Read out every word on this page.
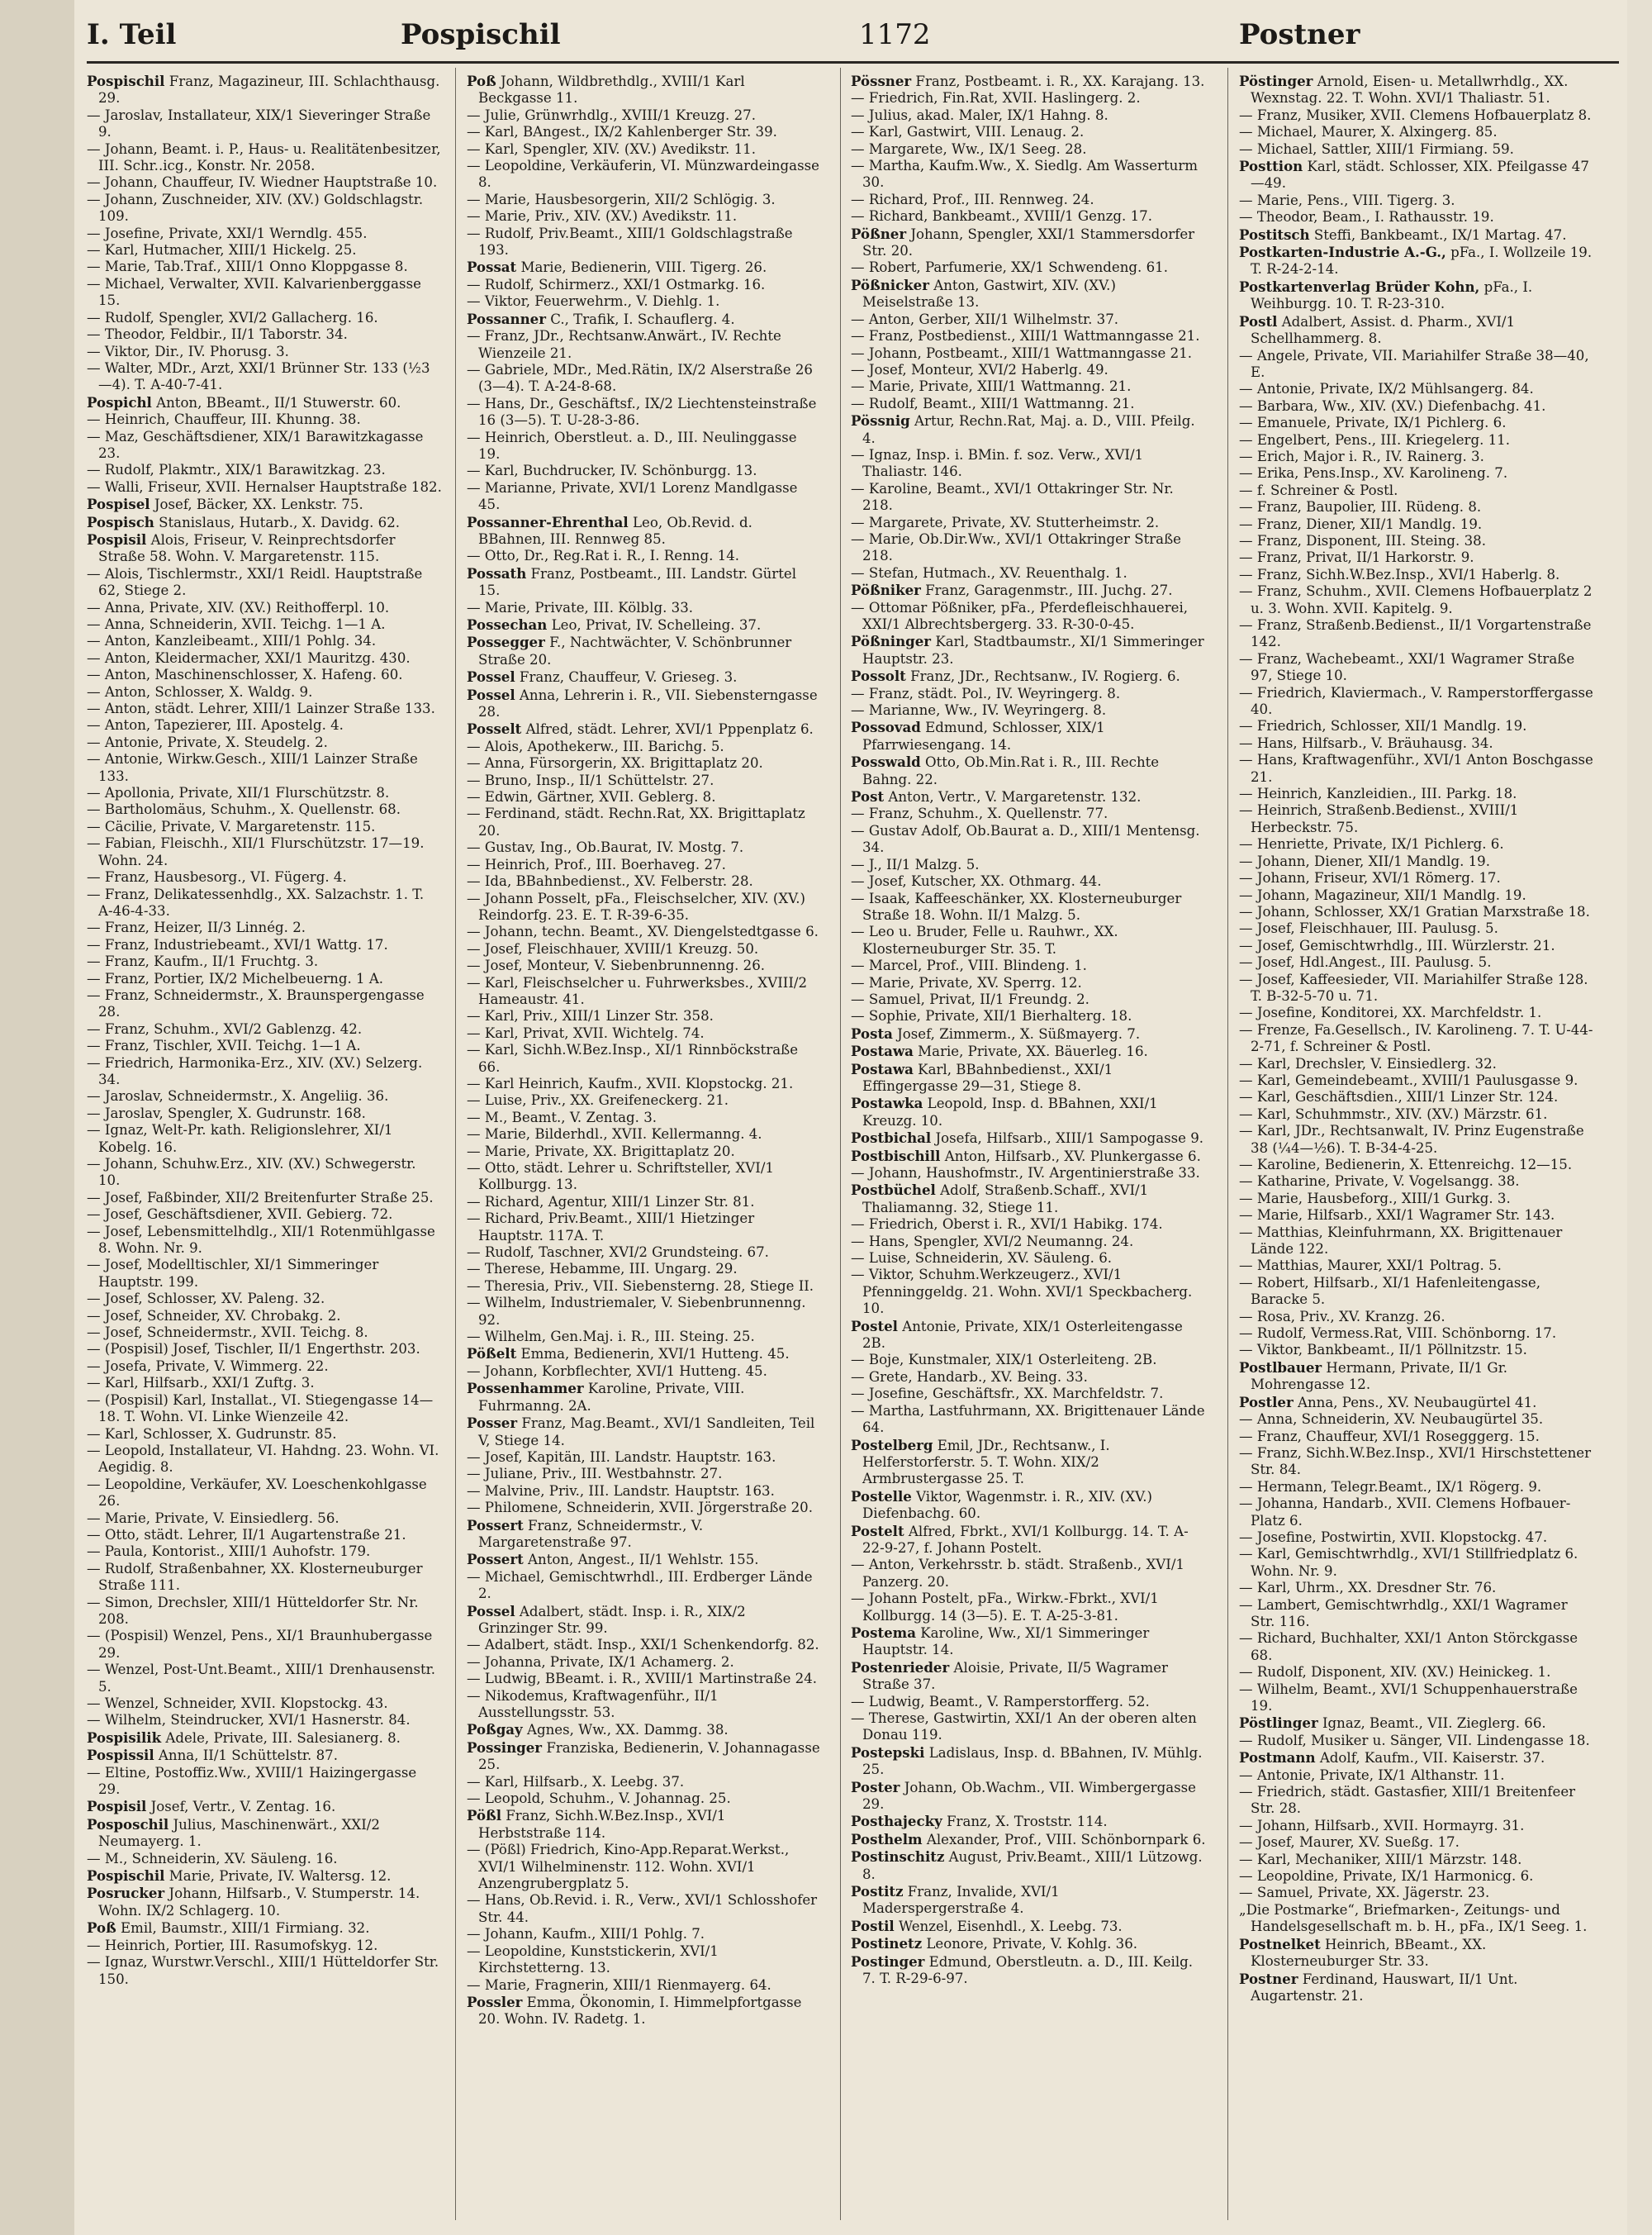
I. Teil	Pospischil	1172	Postner

Pospischil Franz, Magazineur, III. Schlachthausg. 29.

— Jaroslav, Installateur, XIX/1 Sieveringer Straße 9.

— Johann, Beamt. i. P., Haus- u. Realitätenbesitzer, III. Schr..icg., Konstr. Nr. 2058.

— Johann, Chauffeur, IV. Wiedner Hauptstraße 10.

— Johann, Zuschneider, XIV. (XV.) Goldschlagstr. 109.

— Josefine, Private, XXI/1 Werndlg. 455.

— Karl, Hutmacher, XIII/1 Hickelg. 25.

— Marie, Tab.Traf., XIII/1 Onno Kloppgasse 8.

— Michael, Verwalter, XVII. Kalvarienberggasse 15.

— Rudolf, Spengler, XVI/2 Gallacherg. 16.

— Theodor, Feldbir., II/1 Taborstr. 34.

— Viktor, Dir., IV. Phorusg. 3.

— Walter, MDr., Arzt, XXI/1 Brünner Str. 133 (½3—4). T. A-40-7-41.

Pospichl Anton, BBeamt., II/1 Stuwerstr. 60.

— Heinrich, Chauffeur, III. Khunng. 38.

— Maz, Geschäftsdiener, XIX/1 Barawitzkagasse 23.

— Rudolf, Plakmtr., XIX/1 Barawitzkag. 23.

— Walli, Friseur, XVII. Hernalser Hauptstraße 182.

Pospisel Josef, Bäcker, XX. Lenkstr. 75.

Pospisch Stanislaus, Hutarb., X. Davidg. 62.

Pospisil Alois, Friseur, V. Reinprechtsdorfer Straße 58. Wohn. V. Margaretenstr. 115.

— Alois, Tischlermstr., XXI/1 Reidl. Hauptstraße 62, Stiege 2.

— Anna, Private, XIV. (XV.) Reithofferpl. 10.

— Anna, Schneiderin, XVII. Teichg. 1—1 A.

— Anton, Kanzleibeamt., XIII/1 Pohlg. 34.

— Anton, Kleidermacher, XXI/1 Mauritzg. 430.

— Anton, Maschinenschlosser, X. Hafeng. 60.

— Anton, Schlosser, X. Waldg. 9.

— Anton, städt. Lehrer, XIII/1 Lainzer Straße 133.

— Anton, Tapezierer, III. Apostelg. 4.

— Antonie, Private, X. Steudelg. 2.

— Antonie, Wirkw.Gesch., XIII/1 Lainzer Straße 133.

— Apollonia, Private, XII/1 Flurschützstr. 8.

— Bartholomäus, Schuhm., X. Quellenstr. 68.

— Cäcilie, Private, V. Margaretenstr. 115.

— Fabian, Fleischh., XII/1 Flurschützstr. 17—19. Wohn. 24.

— Franz, Hausbesorg., VI. Fügerg. 4.

— Franz, Delikatessenhdlg., XX. Salzachstr. 1. T. A-46-4-33.

— Franz, Heizer, II/3 Linnég. 2.

— Franz, Industriebeamt., XVI/1 Wattg. 17.

— Franz, Kaufm., II/1 Fruchtg. 3.

— Franz, Portier, IX/2 Michelbeuerng. 1 A.

— Franz, Schneidermstr., X. Braunspergengasse 28.

— Franz, Schuhm., XVI/2 Gablenzg. 42.

— Franz, Tischler, XVII. Teichg. 1—1 A.

— Friedrich, Harmonika-Erz., XIV. (XV.) Selzerg. 34.

— Jaroslav, Schneidermstr., X. Angeliig. 36.

— Jaroslav, Spengler, X. Gudrunstr. 168.

— Ignaz, Welt-Pr. kath. Religionslehrer, XI/1 Kobelg. 16.

— Johann, Schuhw.Erz., XIV. (XV.) Schwegerstr. 10.

— Josef, Faßbinder, XII/2 Breitenfurter Straße 25.

— Josef, Geschäftsdiener, XVII. Gebierg. 72.

— Josef, Lebensmittelhdlg., XII/1 Rotenmühlgasse 8. Wohn. Nr. 9.

— Josef, Modelltischler, XI/1 Simmeringer Hauptstr. 199.

— Josef, Schlosser, XV. Paleng. 32.

— Josef, Schneider, XV. Chrobakg. 2.

— Josef, Schneidermstr., XVII. Teichg. 8.

— (Pospisil) Josef, Tischler, II/1 Engerthstr. 203.

— Josefa, Private, V. Wimmerg. 22.

— Karl, Hilfsarb., XXI/1 Zuftg. 3.

— (Pospisil) Karl, Installat., VI. Stiegengasse 14—18. T. Wohn. VI. Linke Wienzeile 42.

— Karl, Schlosser, X. Gudrunstr. 85.

— Leopold, Installateur, VI. Hahdng. 23. Wohn. VI. Aegidig. 8.

— Leopoldine, Verkäufer, XV. Loeschenkohlgasse 26.

— Marie, Private, V. Einsiedlerg. 56.

— Otto, städt. Lehrer, II/1 Augartenstraße 21.

— Paula, Kontorist., XIII/1 Auhofstr. 179.

— Rudolf, Straßenbahner, XX. Klosterneuburger Straße 111.

— Simon, Drechsler, XIII/1 Hütteldorfer Str. Nr. 208.

— (Pospisil) Wenzel, Pens., XI/1 Braunhubergasse 29.

— Wenzel, Post-Unt.Beamt., XIII/1 Drenhausenstr. 5.

— Wenzel, Schneider, XVII. Klopstockg. 43.

— Wilhelm, Steindrucker, XVI/1 Hasnerstr. 84.

Pospisilik Adele, Private, III. Salesianerg. 8.

Pospissil Anna, II/1 Schüttelstr. 87.

— Eltine, Postoffiz.Ww., XVIII/1 Haizingergasse 29.

Pospisil Josef, Vertr., V. Zentag. 16.

Posposchil Julius, Maschinenwärt., XXI/2 Neumayerg. 1.

— M., Schneiderin, XV. Säuleng. 16.

Pospischil Marie, Private, IV. Waltersg. 12.

Posrucker Johann, Hilfsarb., V. Stumperstr. 14. Wohn. IX/2 Schlagerg. 10.

Poß Emil, Baumstr., XIII/1 Firmiang. 32.

— Heinrich, Portier, III. Rasumofskyg. 12.

— Ignaz, Wurstwr.Verschl., XIII/1 Hütteldorfer Str. 150.

Poß Johann, Wildbrethdlg., XVIII/1 Karl Beckgasse 11.

— Julie, Grünwrhdlg., XVIII/1 Kreuzg. 27.

— Karl, BAngest., IX/2 Kahlenberger Str. 39.

— Karl, Spengler, XIV. (XV.) Avedikstr. 11.

— Leopoldine, Verkäuferin, VI. Münzwardeingasse 8.

— Marie, Hausbesorgerin, XII/2 Schlögig. 3.

— Marie, Priv., XIV. (XV.) Avedikstr. 11.

— Rudolf, Priv.Beamt., XIII/1 Goldschlagstraße 193.

Possat Marie, Bedienerin, VIII. Tigerg. 26.

— Rudolf, Schirmerz., XXI/1 Ostmarkg. 16.

— Viktor, Feuerwehrm., V. Diehlg. 1.

Possanner C., Trafik, I. Schauflerg. 4.

— Franz, JDr., Rechtsanw.Anwärt., IV. Rechte Wienzeile 21.

— Gabriele, MDr., Med.Rätin, IX/2 Alserstraße 26 (3—4). T. A-24-8-68.

— Hans, Dr., Geschäftsf., IX/2 Liechtensteinstraße 16 (3—5). T. U-28-3-86.

— Heinrich, Oberstleut. a. D., III. Neulinggasse 19.

— Karl, Buchdrucker, IV. Schönburgg. 13.

— Marianne, Private, XVI/1 Lorenz Mandlgasse 45.

Possanner-Ehrenthal Leo, Ob.Revid. d. BBahnen, III. Rennweg 85.

— Otto, Dr., Reg.Rat i. R., I. Renng. 14.

Possath Franz, Postbeamt., III. Landstr. Gürtel 15.

— Marie, Private, III. Kölblg. 33.

Possechan Leo, Privat, IV. Schelleing. 37.

Possegger F., Nachtwächter, V. Schönbrunner Straße 20.

Possel Franz, Chauffeur, V. Grieseg. 3.

Possel Anna, Lehrerin i. R., VII. Siebensterngasse 28.

Posselt Alfred, städt. Lehrer, XVI/1 Pppenplatz 6.

— Alois, Apothekerw., III. Barichg. 5.

— Anna, Fürsorgerin, XX. Brigittaplatz 20.

— Bruno, Insp., II/1 Schüttelstr. 27.

— Edwin, Gärtner, XVII. Geblerg. 8.

— Ferdinand, städt. Rechn.Rat, XX. Brigittaplatz 20.

— Gustav, Ing., Ob.Baurat, IV. Mostg. 7.

— Heinrich, Prof., III. Boerhaveg. 27.

— Ida, BBahnbedienst., XV. Felberstr. 28.

— Johann Posselt, pFa., Fleischselcher, XIV. (XV.) Reindorfg. 23. E. T. R-39-6-35.

— Johann, techn. Beamt., XV. Diengelstedtgasse 6.

— Josef, Fleischhauer, XVIII/1 Kreuzg. 50.

— Josef, Monteur, V. Siebenbrunnenng. 26.

— Karl, Fleischselcher u. Fuhrwerksbes., XVIII/2 Hameaustr. 41.

— Karl, Priv., XIII/1 Linzer Str. 358.

— Karl, Privat, XVII. Wichtelg. 74.

— Karl, Sichh.W.Bez.Insp., XI/1 Rinnböckstraße 66.

— Karl Heinrich, Kaufm., XVII. Klopstockg. 21.

— Luise, Priv., XX. Greifeneckerg. 21.

— M., Beamt., V. Zentag. 3.

— Marie, Bilderhdl., XVII. Kellermanng. 4.

— Marie, Private, XX. Brigittaplatz 20.

— Otto, städt. Lehrer u. Schriftsteller, XVI/1 Kollburgg. 13.

— Richard, Agentur, XIII/1 Linzer Str. 81.

— Richard, Priv.Beamt., XIII/1 Hietzinger Hauptstr. 117A. T.

— Rudolf, Taschner, XVI/2 Grundsteing. 67.

— Therese, Hebamme, III. Ungarg. 29.

— Theresia, Priv., VII. Siebensterng. 28, Stiege II.

— Wilhelm, Industriemaler, V. Siebenbrunnenng. 92.

— Wilhelm, Gen.Maj. i. R., III. Steing. 25.

Pößelt Emma, Bedienerin, XVI/1 Hutteng. 45.

— Johann, Korbflechter, XVI/1 Hutteng. 45.

Possenhammer Karoline, Private, VIII. Fuhrmanng. 2A.

Posser Franz, Mag.Beamt., XVI/1 Sandleiten, Teil V, Stiege 14.

— Josef, Kapitän, III. Landstr. Hauptstr. 163.

— Juliane, Priv., III. Westbahnstr. 27.

— Malvine, Priv., III. Landstr. Hauptstr. 163.

— Philomene, Schneiderin, XVII. Jörgerstraße 20.

Possert Franz, Schneidermstr., V. Margaretenstraße 97.

Possert Anton, Angest., II/1 Wehlstr. 155.

— Michael, Gemischtwrhdl., III. Erdberger Lände 2.

Possel Adalbert, städt. Insp. i. R., XIX/2 Grinzinger Str. 99.

— Adalbert, städt. Insp., XXI/1 Schenkendorfg. 82.

— Johanna, Private, IX/1 Achamerg. 2.

— Ludwig, BBeamt. i. R., XVIII/1 Martinstraße 24.

— Nikodemus, Kraftwagenführ., II/1 Ausstellungsstr. 53.

Poßgay Agnes, Ww., XX. Dammg. 38.

Possinger Franziska, Bedienerin, V. Johannagasse 25.

— Karl, Hilfsarb., X. Leebg. 37.

— Leopold, Schuhm., V. Johannag. 25.

Pößl Franz, Sichh.W.Bez.Insp., XVI/1 Herbststraße 114.

— (Pößl) Friedrich, Kino-App.Reparat.Werkst., XVI/1 Wilhelminenstr. 112. Wohn. XVI/1 Anzengrubergplatz 5.

— Hans, Ob.Revid. i. R., Verw., XVI/1 Schlosshofer Str. 44.

— Johann, Kaufm., XIII/1 Pohlg. 7.

— Leopoldine, Kunststickerin, XVI/1 Kirchstetterng. 13.

— Marie, Fragnerin, XIII/1 Rienmayerg. 64.

Possler Emma, Ökonomin, I. Himmelpfortgasse 20. Wohn. IV. Radetg. 1.

Pössner Franz, Postbeamt. i. R., XX. Karajang. 13.

— Friedrich, Fin.Rat, XVII. Haslingerg. 2.

— Julius, akad. Maler, IX/1 Hahng. 8.

— Karl, Gastwirt, VIII. Lenaug. 2.

— Margarete, Ww., IX/1 Seeg. 28.

— Martha, Kaufm.Ww., X. Siedlg. Am Wasserturm 30.

— Richard, Prof., III. Rennweg. 24.

— Richard, Bankbeamt., XVIII/1 Genzg. 17.

Pößner Johann, Spengler, XXI/1 Stammersdorfer Str. 20.

— Robert, Parfumerie, XX/1 Schwendeng. 61.

Pößnicker Anton, Gastwirt, XIV. (XV.) Meiselstraße 13.

— Anton, Gerber, XII/1 Wilhelmstr. 37.

— Franz, Postbedienst., XIII/1 Wattmanngasse 21.

— Johann, Postbeamt., XIII/1 Wattmanngasse 21.

— Josef, Monteur, XVI/2 Haberlg. 49.

— Marie, Private, XIII/1 Wattmanng. 21.

— Rudolf, Beamt., XIII/1 Wattmanng. 21.

Pössnig Artur, Rechn.Rat, Maj. a. D., VIII. Pfeilg. 4.

— Ignaz, Insp. i. BMin. f. soz. Verw., XVI/1 Thaliastr. 146.

— Karoline, Beamt., XVI/1 Ottakringer Str. Nr. 218.

— Margarete, Private, XV. Stutterheimstr. 2.

— Marie, Ob.Dir.Ww., XVI/1 Ottakringer Straße 218.

— Stefan, Hutmach., XV. Reuenthalg. 1.

Pößniker Franz, Garagenmstr., III. Juchg. 27.

— Ottomar Pößniker, pFa., Pferdefleischhauerei, XXI/1 Albrechtsbergerg. 33. R-30-0-45.

Pößninger Karl, Stadtbaumstr., XI/1 Simmeringer Hauptstr. 23.

Possolt Franz, JDr., Rechtsanw., IV. Rogierg. 6.

— Franz, städt. Pol., IV. Weyringerg. 8.

— Marianne, Ww., IV. Weyringerg. 8.

Possovad Edmund, Schlosser, XIX/1 Pfarrwiesengang. 14.

Posswald Otto, Ob.Min.Rat i. R., III. Rechte Bahng. 22.

Post Anton, Vertr., V. Margaretenstr. 132.

— Franz, Schuhm., X. Quellenstr. 77.

— Gustav Adolf, Ob.Baurat a. D., XIII/1 Mentensg. 34.

— J., II/1 Malzg. 5.

— Josef, Kutscher, XX. Othmarg. 44.

— Isaak, Kaffeeschänker, XX. Klosterneuburger Straße 18. Wohn. II/1 Malzg. 5.

— Leo u. Bruder, Felle u. Rauhwr., XX. Klosterneuburger Str. 35. T.

— Marcel, Prof., VIII. Blindeng. 1.

— Marie, Private, XV. Sperrg. 12.

— Samuel, Privat, II/1 Freundg. 2.

— Sophie, Private, XII/1 Bierhalterg. 18.

Posta Josef, Zimmerm., X. Süßmayerg. 7.

Postawa Marie, Private, XX. Bäuerleg. 16.

Postawa Karl, BBahnbedienst., XXI/1 Effingergasse 29—31, Stiege 8.

Postawka Leopold, Insp. d. BBahnen, XXI/1 Kreuzg. 10.

Postbichal Josefa, Hilfsarb., XIII/1 Sampogasse 9.

Postbischill Anton, Hilfsarb., XV. Plunkergasse 6.

— Johann, Haushofmstr., IV. Argentinierstraße 33.

Postbüchel Adolf, Straßenb.Schaff., XVI/1 Thaliamanng. 32, Stiege 11.

— Friedrich, Oberst i. R., XVI/1 Habikg. 174.

— Hans, Spengler, XVI/2 Neumanng. 24.

— Luise, Schneiderin, XV. Säuleng. 6.

— Viktor, Schuhm.Werkzeugerz., XVI/1 Pfenninggeldg. 21. Wohn. XVI/1 Speckbacherg. 10.

Postel Antonie, Private, XIX/1 Osterleitengasse 2B.

— Boje, Kunstmaler, XIX/1 Osterleiteng. 2B.

— Grete, Handarb., XV. Being. 33.

— Josefine, Geschäftsfr., XX. Marchfeldstr. 7.

— Martha, Lastfuhrmann, XX. Brigittenauer Lände 64.

Postelberg Emil, JDr., Rechtsanw., I. Helferstorferstr. 5. T. Wohn. XIX/2 Armbrustergasse 25. T.

Postelle Viktor, Wagenmstr. i. R., XIV. (XV.) Diefenbachg. 60.

Postelt Alfred, Fbrkt., XVI/1 Kollburgg. 14. T. A-22-9-27, f. Johann Postelt.

— Anton, Verkehrsstr. b. städt. Straßenb., XVI/1 Panzerg. 20.

— Johann Postelt, pFa., Wirkw.-Fbrkt., XVI/1 Kollburgg. 14 (3—5). E. T. A-25-3-81.

Postema Karoline, Ww., XI/1 Simmeringer Hauptstr. 14.

Postenrieder Aloisie, Private, II/5 Wagramer Straße 37.

— Ludwig, Beamt., V. Ramperstorfferg. 52.

— Therese, Gastwirtin, XXI/1 An der oberen alten Donau 119.

Postepski Ladislaus, Insp. d. BBahnen, IV. Mühlg. 25.

Poster Johann, Ob.Wachm., VII. Wimbergergasse 29.

Posthajecky Franz, X. Troststr. 114.

Posthelm Alexander, Prof., VIII. Schönbornpark 6.

Postinschitz August, Priv.Beamt., XIII/1 Lützowg. 8.

Postitz Franz, Invalide, XVI/1 Maderspergerstraße 4.

Postil Wenzel, Eisenhdl., X. Leebg. 73.

Postinetz Leonore, Private, V. Kohlg. 36.

Postinger Edmund, Oberstleutn. a. D., III. Keilg. 7. T. R-29-6-97.

Pöstinger Arnold, Eisen- u. Metallwrhdlg., XX. Wexnstag. 22. T. Wohn. XVI/1 Thaliastr. 51.

— Franz, Musiker, XVII. Clemens Hofbauerplatz 8.

— Michael, Maurer, X. Alxingerg. 85.

— Michael, Sattler, XIII/1 Firmiang. 59.

Posttion Karl, städt. Schlosser, XIX. Pfeilgasse 47—49.

— Marie, Pens., VIII. Tigerg. 3.

— Theodor, Beam., I. Rathausstr. 19.

Postitsch Steffi, Bankbeamt., IX/1 Martag. 47.

Postkarten-Industrie A.-G., pFa., I. Wollzeile 19. T. R-24-2-14.

Postkartenverlag Brüder Kohn, pFa., I. Weihburgg. 10. T. R-23-310.

Postl Adalbert, Assist. d. Pharm., XVI/1 Schellhammerg. 8.

— Angele, Private, VII. Mariahilfer Straße 38—40, E.

— Antonie, Private, IX/2 Mühlsangerg. 84.

— Barbara, Ww., XIV. (XV.) Diefenbachg. 41.

— Emanuele, Private, IX/1 Pichlerg. 6.

— Engelbert, Pens., III. Kriegelerg. 11.

— Erich, Major i. R., IV. Rainerg. 3.

— Erika, Pens.Insp., XV. Karolineng. 7.

— f. Schreiner & Postl.

— Franz, Baupolier, III. Rüdeng. 8.

— Franz, Diener, XII/1 Mandlg. 19.

— Franz, Disponent, III. Steing. 38.

— Franz, Privat, II/1 Harkorstr. 9.

— Franz, Sichh.W.Bez.Insp., XVI/1 Haberlg. 8.

— Franz, Schuhm., XVII. Clemens Hofbauerplatz 2 u. 3. Wohn. XVII. Kapitelg. 9.

— Franz, Straßenb.Bedienst., II/1 Vorgartenstraße 142.

— Franz, Wachebeamt., XXI/1 Wagramer Straße 97, Stiege 10.

— Friedrich, Klaviermach., V. Ramperstorffergasse 40.

— Friedrich, Schlosser, XII/1 Mandlg. 19.

— Hans, Hilfsarb., V. Bräuhausg. 34.

— Hans, Kraftwagenführ., XVI/1 Anton Boschgasse 21.

— Heinrich, Kanzleidien., III. Parkg. 18.

— Heinrich, Straßenb.Bedienst., XVIII/1 Herbeckstr. 75.

— Henriette, Private, IX/1 Pichlerg. 6.

— Johann, Diener, XII/1 Mandlg. 19.

— Johann, Friseur, XVI/1 Römerg. 17.

— Johann, Magazineur, XII/1 Mandlg. 19.

— Johann, Schlosser, XX/1 Gratian Marxstraße 18.

— Josef, Fleischhauer, III. Paulusg. 5.

— Josef, Gemischtwrhdlg., III. Würzlerstr. 21.

— Josef, Hdl.Angest., III. Paulusg. 5.

— Josef, Kaffeesieder, VII. Mariahilfer Straße 128. T. B-32-5-70 u. 71.

— Josefine, Konditorei, XX. Marchfeldstr. 1.

— Frenze, Fa.Gesellsch., IV. Karolineng. 7. T. U-44-2-71, f. Schreiner & Postl.

— Karl, Drechsler, V. Einsiedlerg. 32.

— Karl, Gemeindebeamt., XVIII/1 Paulusgasse 9.

— Karl, Geschäftsdien., XIII/1 Linzer Str. 124.

— Karl, Schuhmmstr., XIV. (XV.) Märzstr. 61.

— Karl, JDr., Rechtsanwalt, IV. Prinz Eugenstraße 38 (¼4—½6). T. B-34-4-25.

— Karoline, Bedienerin, X. Ettenreichg. 12—15.

— Katharine, Private, V. Vogelsangg. 38.

— Marie, Hausbeforg., XIII/1 Gurkg. 3.

— Marie, Hilfsarb., XXI/1 Wagramer Str. 143.

— Matthias, Kleinfuhrmann, XX. Brigittenauer Lände 122.

— Matthias, Maurer, XXI/1 Poltrag. 5.

— Robert, Hilfsarb., XI/1 Hafenleitengasse, Baracke 5.

— Rosa, Priv., XV. Kranzg. 26.

— Rudolf, Vermess.Rat, VIII. Schönborng. 17.

— Viktor, Bankbeamt., II/1 Pöllnitzstr. 15.

Postlbauer Hermann, Private, II/1 Gr. Mohrengasse 12.

Postler Anna, Pens., XV. Neubaugürtel 41.

— Anna, Schneiderin, XV. Neubaugürtel 35.

— Franz, Chauffeur, XVI/1 Rosegggerg. 15.

— Franz, Sichh.W.Bez.Insp., XVI/1 Hirschstettener Str. 84.

— Hermann, Telegr.Beamt., IX/1 Rögerg. 9.

— Johanna, Handarb., XVII. Clemens Hofbauer-Platz 6.

— Josefine, Postwirtin, XVII. Klopstockg. 47.

— Karl, Gemischtwrhdlg., XVI/1 Stillfriedplatz 6. Wohn. Nr. 9.

— Karl, Uhrm., XX. Dresdner Str. 76.

— Lambert, Gemischtwrhdlg., XXI/1 Wagramer Str. 116.

— Richard, Buchhalter, XXI/1 Anton Störckgasse 68.

— Rudolf, Disponent, XIV. (XV.) Heinickeg. 1.

— Wilhelm, Beamt., XVI/1 Schuppenhauerstraße 19.

Pöstlinger Ignaz, Beamt., VII. Zieglerg. 66.

— Rudolf, Musiker u. Sänger, VII. Lindengasse 18.

Postmann Adolf, Kaufm., VII. Kaiserstr. 37.

— Antonie, Private, IX/1 Althanstr. 11.

— Friedrich, städt. Gastasfier, XIII/1 Breitenfeer Str. 28.

— Johann, Hilfsarb., XVII. Hormayrg. 31.

— Josef, Maurer, XV. Sueßg. 17.

— Karl, Mechaniker, XIII/1 Märzstr. 148.

— Leopoldine, Private, IX/1 Harmonicg. 6.

— Samuel, Private, XX. Jägerstr. 23.

„Die Postmarke“, Briefmarken-, Zeitungs- und Handelsgesellschaft m. b. H., pFa., IX/1 Seeg. 1.

Postnelket Heinrich, BBeamt., XX. Klosterneuburger Str. 33.

Postner Ferdinand, Hauswart, II/1 Unt. Augartenstr. 21.
